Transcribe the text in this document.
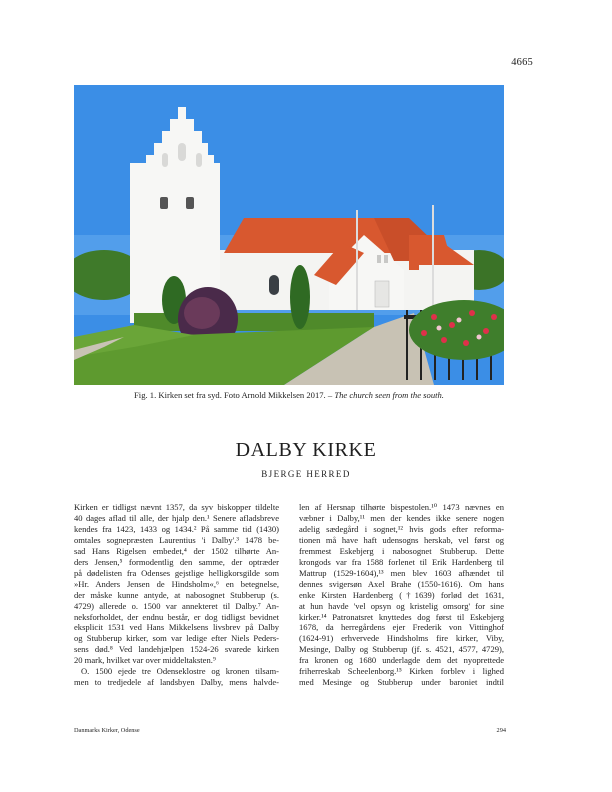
4665
Fig. 1. Kirken set fra syd. Foto Arnold Mikkelsen 2017. – The church seen from the south.
DALBY KIRKE
BJERGE HERRED
Kirken er tidligst nævnt 1357, da syv biskopper tildelte
40 dages aflad til alle, der hjalp den.¹ Senere afladsbreve
kendes fra 1423, 1433 og 1434.² På samme tid (1430)
omtales sognepræsten Laurentius 'i Dalby'.³ 1478 be-
sad Hans Rigelsen embedet,⁴ der 1502 tilhørte An-
ders Jensen,⁵ formodentlig den samme, der optræder
på dødelisten fra Odenses gejstlige helligkorsgilde som
»Hr. Anders Jensen de Hindsholm«,⁶ en betegnelse,
der måske kunne antyde, at nabosognet Stubberup (s.
4729) allerede o. 1500 var annekteret til Dalby.⁷ An-
neksforholdet, der endnu består, er dog tidligst bevidnet
eksplicit 1531 ved Hans Mikkelsens livsbrev på Dalby
og Stubberup kirker, som var ledige efter Niels Peders-
sens død.⁸ Ved landehjælpen 1524-26 svarede kirken
20 mark, hvilket var over middeltaksten.⁹
O. 1500 ejede tre Odenseklostre og kronen tilsam-
men to tredjedele af landsbyen Dalby, mens halvde-
len af Hersnap tilhørte bispestolen.¹⁰ 1473 nævnes en
væbner i Dalby,¹¹ men der kendes ikke senere nogen
adelig sædegård i sognet,¹² hvis gods efter reforma-
tionen må have haft udensogns herskab, vel først og
fremmest Eskebjerg i nabosognet Stubberup. Dette
krongods var fra 1588 forlenet til Erik Hardenberg til
Mattrup (1529-1604),¹³ men blev 1603 afhændet til
dennes svigersøn Axel Brahe (1550-1616). Om hans
enke Kirsten Hardenberg (†1639) forlød det 1631,
at hun havde 'vel opsyn og kristelig omsorg' for sine
kirker.¹⁴ Patronatsret knyttedes dog først til Eskebjerg
1678, da herregårdens ejer Frederik von Vittinghof
(1624-91) erhvervede Hindsholms fire kirker, Viby,
Mesinge, Dalby og Stubberup (jf. s. 4521, 4577, 4729),
fra kronen og 1680 underlagde dem det nyoprettede
friherreskab Scheelenborg.¹⁵ Kirken forblev i lighed
med Mesinge og Stubberup under baroniet indtil
Danmarks Kirker, Odense	294
